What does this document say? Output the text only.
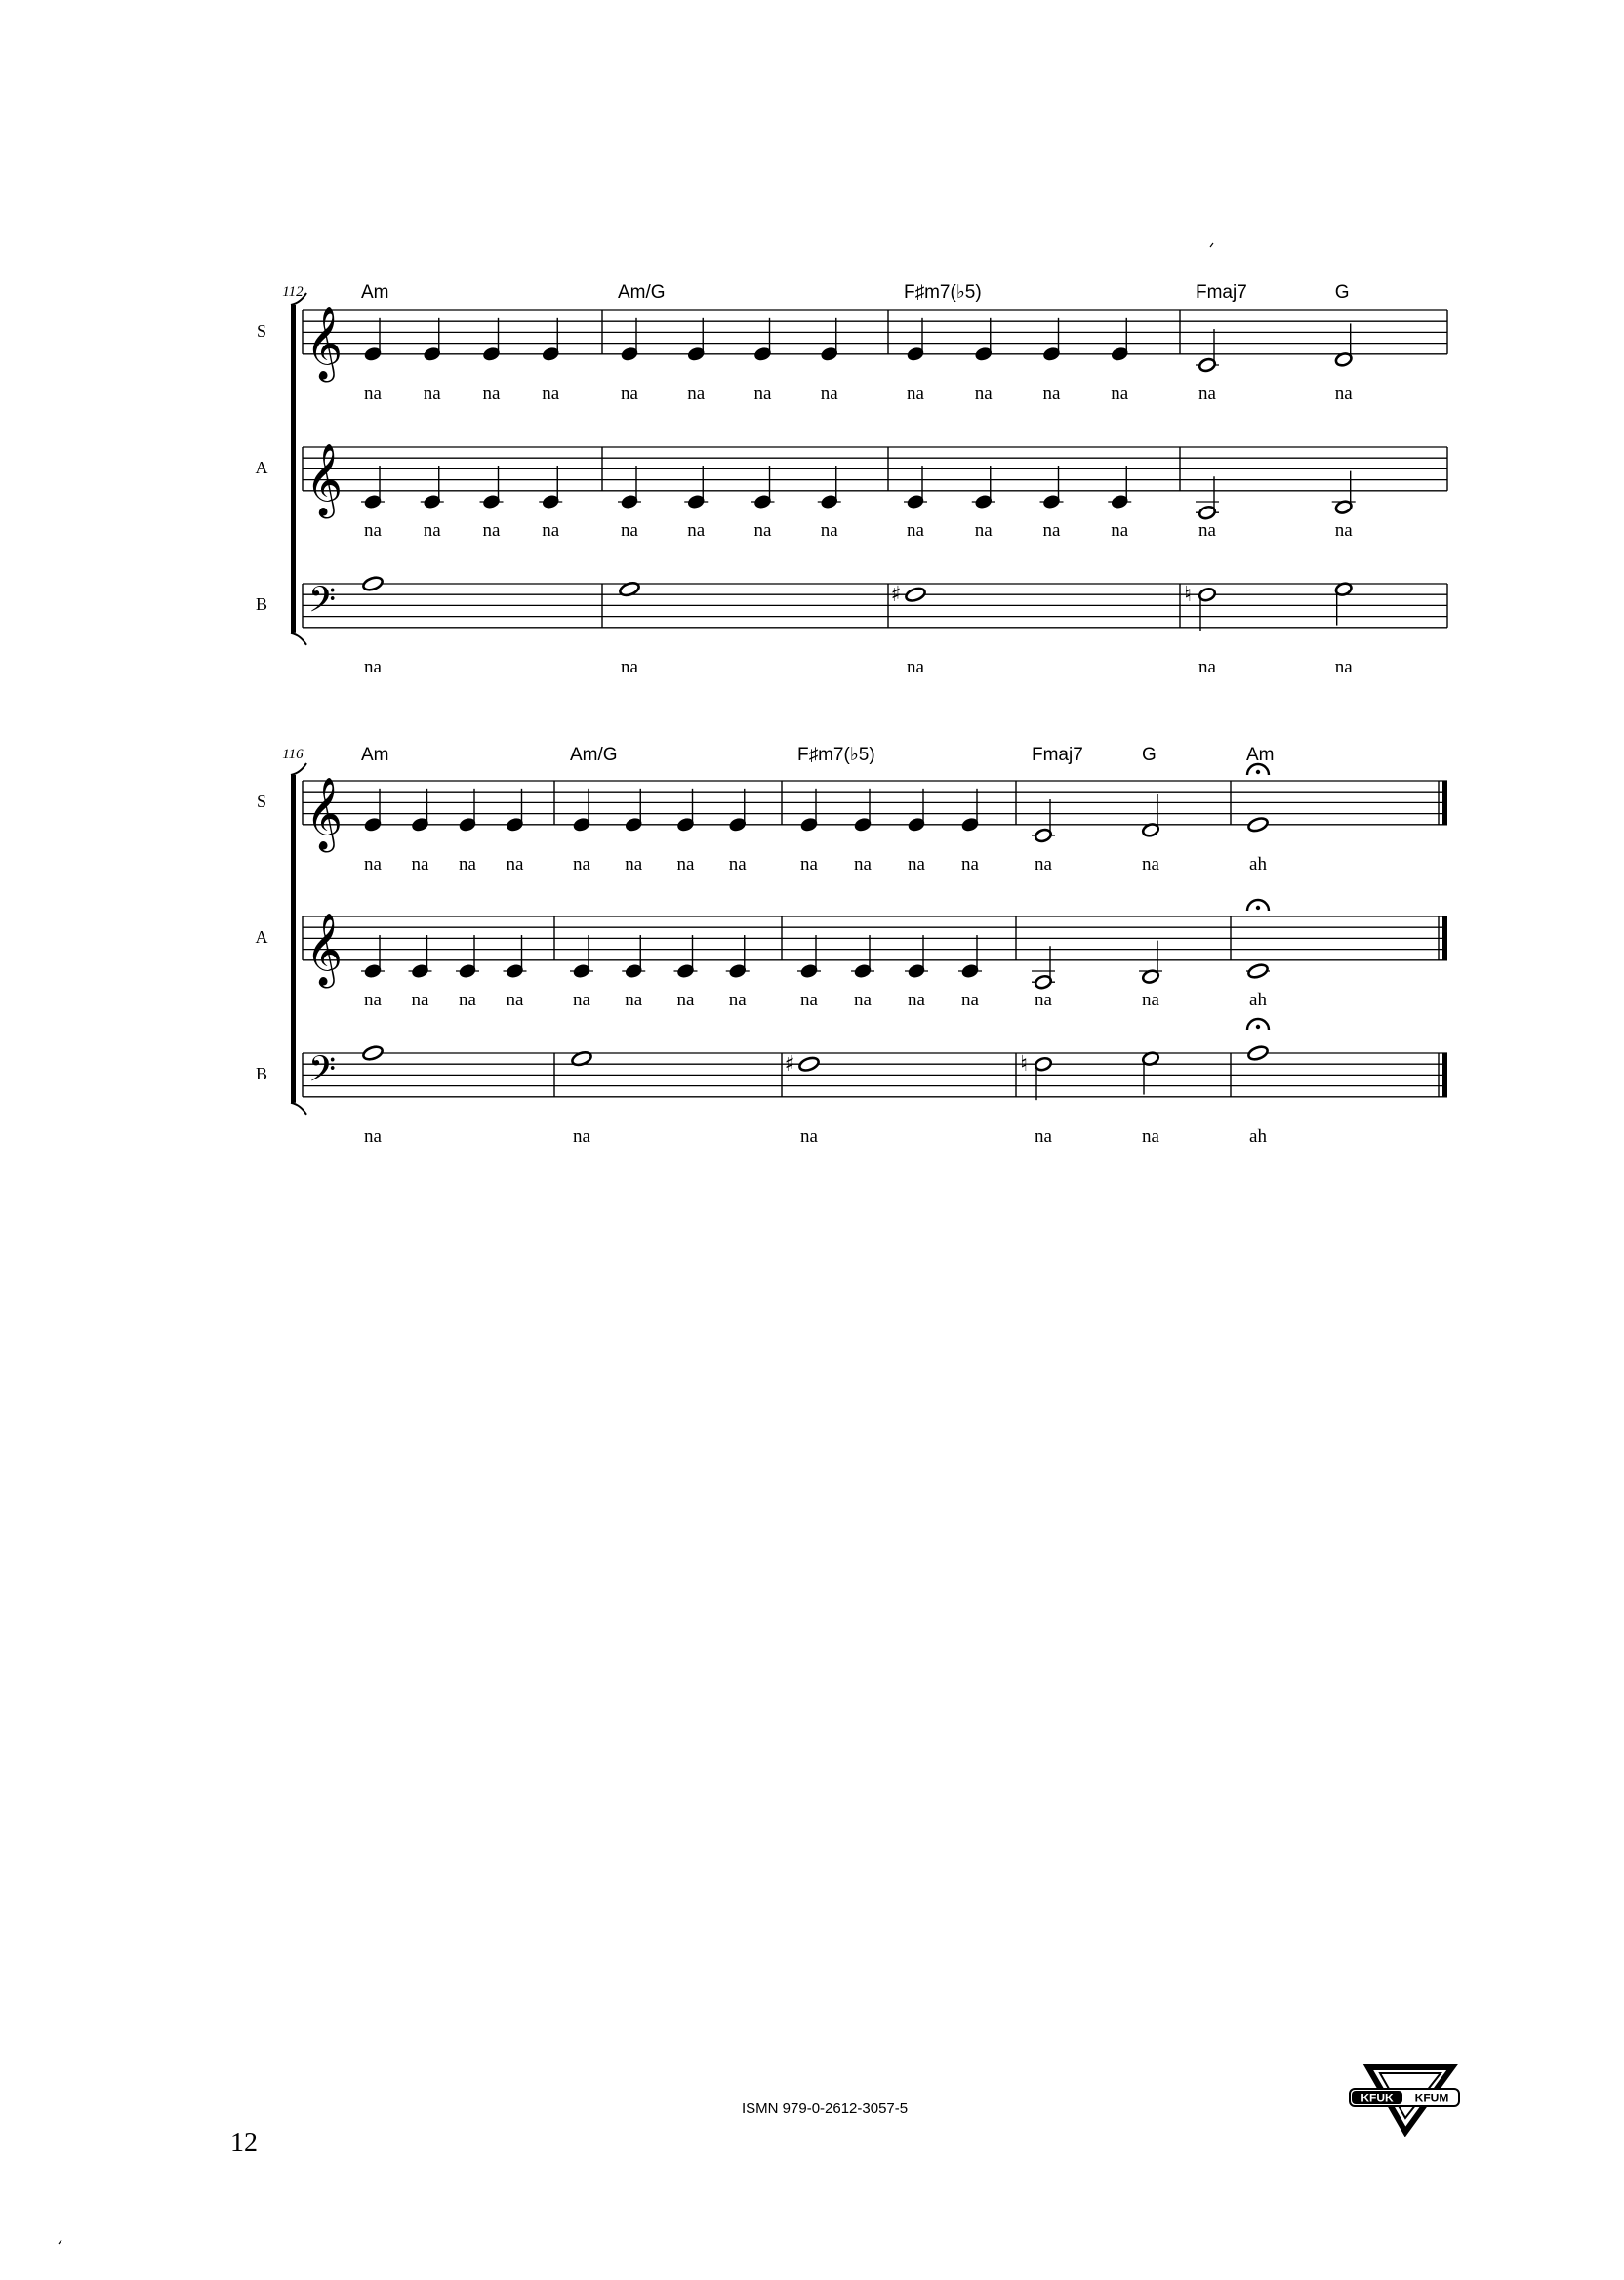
112	Am	Am/G	F♯m7(♭5)	Fmaj7	G
S 𝄞
na na na na	na	na	na	na	na	na	na	na	na	na
A 𝄞
na na na na	na	na	na	na	na	na	na	na	na	na
B 𝄢
na	na
♯
na
♮
na	na
116	Am	Am/G	F♯m7(♭5)	Fmaj7	G	Am
S 𝄞
na na na na	na na na na	na na na na	na	na	ah
A 𝄞
na na na na	na na na na	na na na na	na	na	ah
B 𝄢
na	na
♯
na
♮
na	na	ah
ISMN 979-0-2612-3057-5
12
KFUK KFUM
